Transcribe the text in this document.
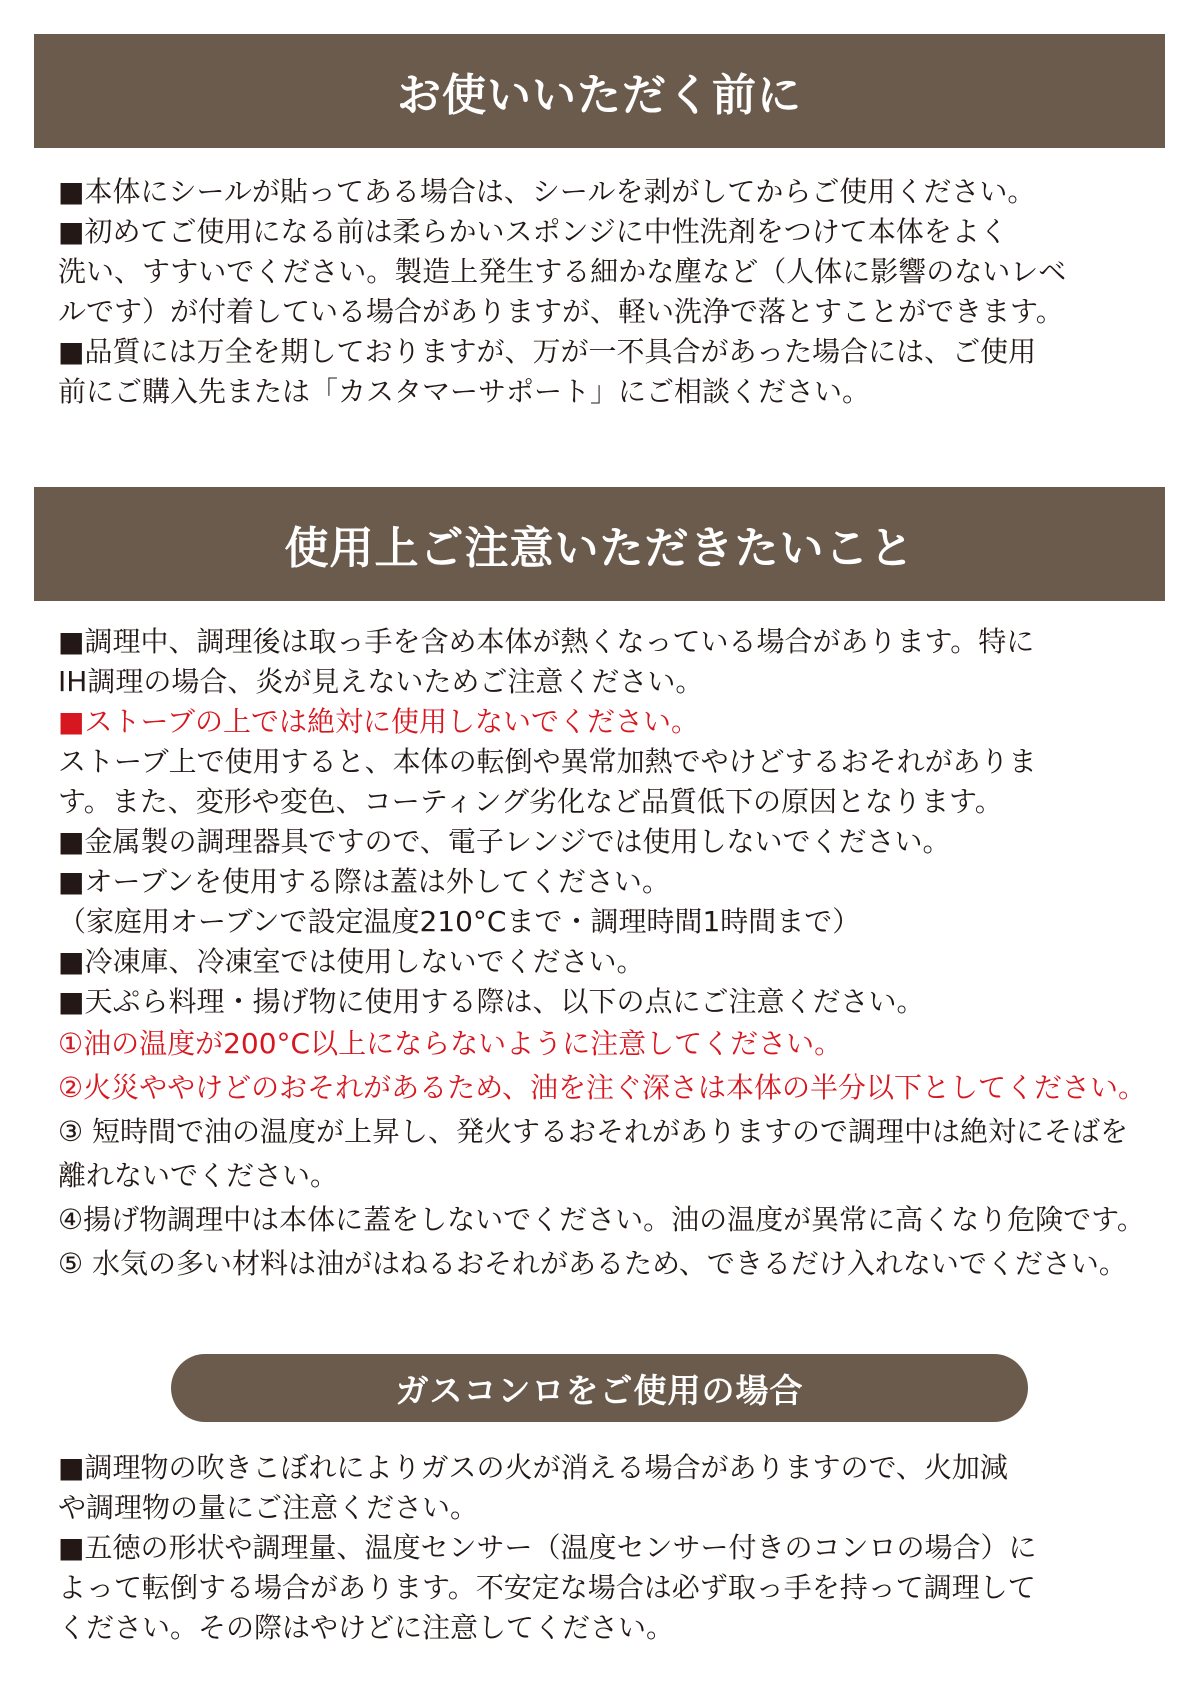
お使いいただく前に
■本体にシールが貼ってある場合は、シールを剥がしてからご使用ください。
■初めてご使用になる前は柔らかいスポンジに中性洗剤をつけて本体をよく
洗い、すすいでください。製造上発生する細かな塵など（人体に影響のないレベ
ルです）が付着している場合がありますが、軽い洗浄で落とすことができます。
■品質には万全を期しておりますが、万が一不具合があった場合には、ご使用
前にご購入先または「カスタマーサポート」にご相談ください。
使用上ご注意いただきたいこと
■調理中、調理後は取っ手を含め本体が熱くなっている場合があります。特に
IH調理の場合、炎が見えないためご注意ください。
■ストーブの上では絶対に使用しないでください。
ストーブ上で使用すると、本体の転倒や異常加熱でやけどするおそれがありま
す。また、変形や変色、コーティング劣化など品質低下の原因となります。
■金属製の調理器具ですので、電子レンジでは使用しないでください。
■オーブンを使用する際は蓋は外してください。
（家庭用オーブンで設定温度210°Cまで・調理時間1時間まで）
■冷凍庫、冷凍室では使用しないでください。
■天ぷら料理・揚げ物に使用する際は、以下の点にご注意ください。
①油の温度が200°C以上にならないように注意してください。
②火災ややけどのおそれがあるため、油を注ぐ深さは本体の半分以下としてください。
③ 短時間で油の温度が上昇し、発火するおそれがありますので調理中は絶対にそばを
離れないでください。
④揚げ物調理中は本体に蓋をしないでください。油の温度が異常に高くなり危険です。
⑤ 水気の多い材料は油がはねるおそれがあるため、できるだけ入れないでください。
ガスコンロをご使用の場合
■調理物の吹きこぼれによりガスの火が消える場合がありますので、火加減
や調理物の量にご注意ください。
■五徳の形状や調理量、温度センサー（温度センサー付きのコンロの場合）に
よって転倒する場合があります。不安定な場合は必ず取っ手を持って調理して
ください。その際はやけどに注意してください。
